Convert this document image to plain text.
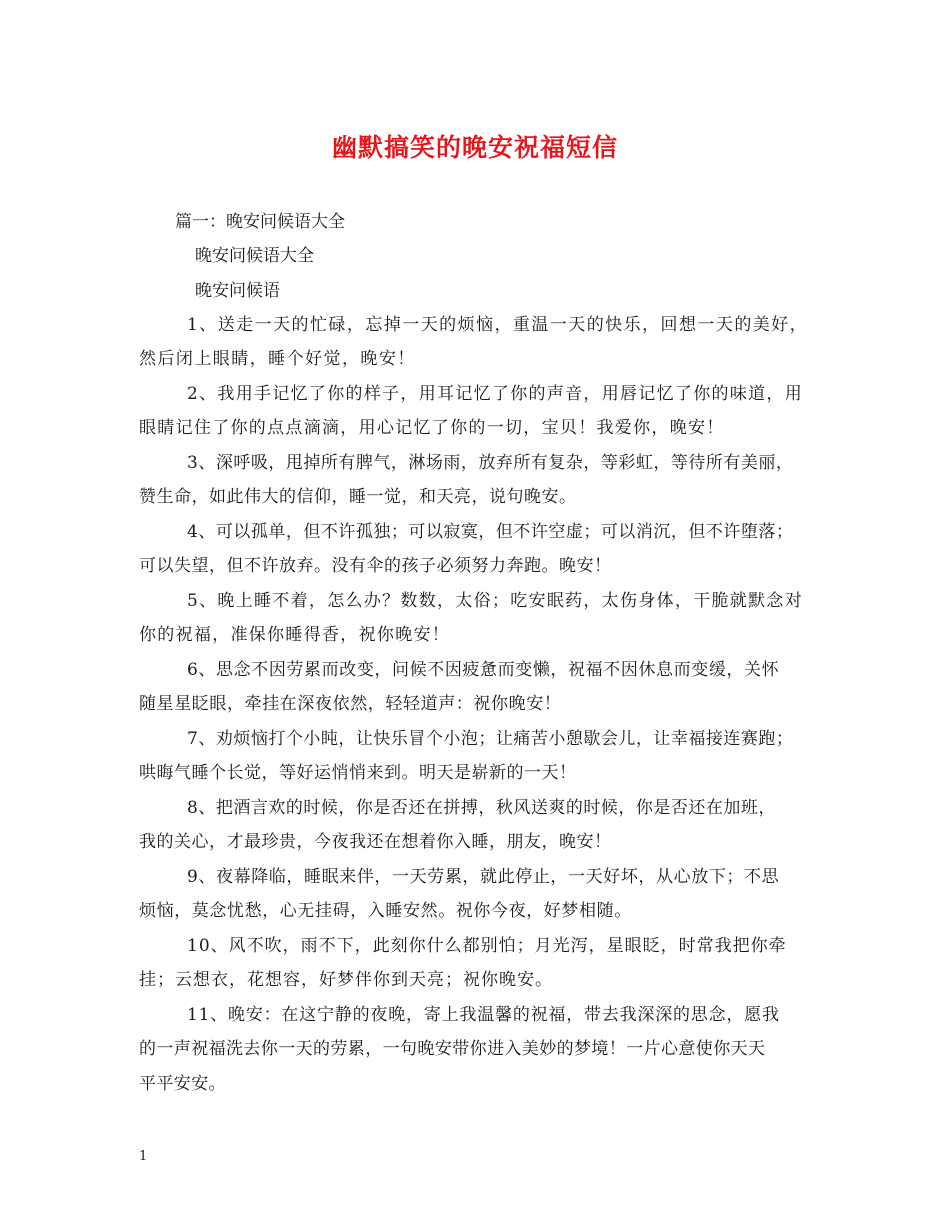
幽默搞笑的晚安祝福短信
篇一：晚安问候语大全
晚安问候语大全
晚安问候语
1、送走一天的忙碌，忘掉一天的烦恼，重温一天的快乐，回想一天的美好，
然后闭上眼睛，睡个好觉，晚安！
2、我用手记忆了你的样子，用耳记忆了你的声音，用唇记忆了你的味道，用
眼睛记住了你的点点滴滴，用心记忆了你的一切，宝贝！我爱你，晚安！
3、深呼吸，甩掉所有脾气，淋场雨，放弃所有复杂，等彩虹，等待所有美丽，
赞生命，如此伟大的信仰，睡一觉，和天亮，说句晚安。
4、可以孤单，但不许孤独；可以寂寞，但不许空虚；可以消沉，但不许堕落；
可以失望，但不许放弃。没有伞的孩子必须努力奔跑。晚安！
5、晚上睡不着，怎么办？数数，太俗；吃安眠药，太伤身体，干脆就默念对
你的祝福，准保你睡得香，祝你晚安！
6、思念不因劳累而改变，问候不因疲惫而变懒，祝福不因休息而变缓，关怀
随星星眨眼，牵挂在深夜依然，轻轻道声：祝你晚安！
7、劝烦恼打个小盹，让快乐冒个小泡；让痛苦小憩歇会儿，让幸福接连赛跑；
哄晦气睡个长觉，等好运悄悄来到。明天是崭新的一天！
8、把酒言欢的时候，你是否还在拼搏，秋风送爽的时候，你是否还在加班，
我的关心，才最珍贵，今夜我还在想着你入睡，朋友，晚安！
9、夜幕降临，睡眠来伴，一天劳累，就此停止，一天好坏，从心放下；不思
烦恼，莫念忧愁，心无挂碍，入睡安然。祝你今夜，好梦相随。
10、风不吹，雨不下，此刻你什么都别怕；月光泻，星眼眨，时常我把你牵
挂；云想衣，花想容，好梦伴你到天亮；祝你晚安。
11、晚安：在这宁静的夜晚，寄上我温馨的祝福，带去我深深的思念，愿我
的一声祝福洗去你一天的劳累，一句晚安带你进入美妙的梦境！一片心意使你天天
平平安安。
1
